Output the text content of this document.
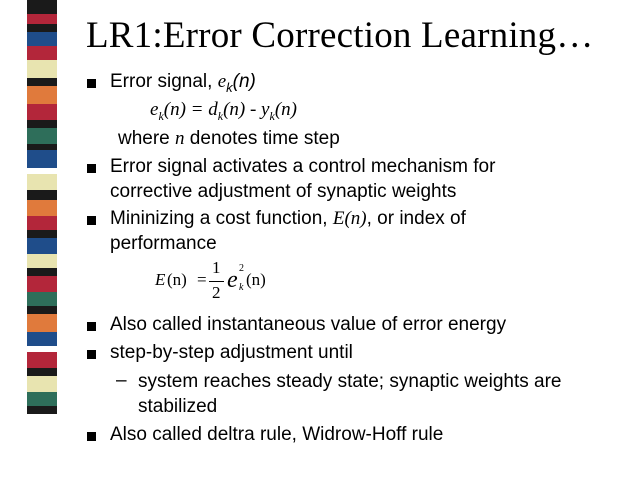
LR1:Error Correction Learning…
Error signal, $e_k(n)$
$e_k(n) = d_k(n) - y_k(n)$
where n denotes time step
Error signal activates a control mechanism for
corrective adjustment of synaptic weights
Mininizing a cost function, E(n), or index of
performance
E (n) =
1
2 e 2
k (n)
Also called instantaneous value of error energy
step-by-step adjustment until
– system reaches steady state; synaptic weights are
stabilized
Also called deltra rule, Widrow-Hoff rule
